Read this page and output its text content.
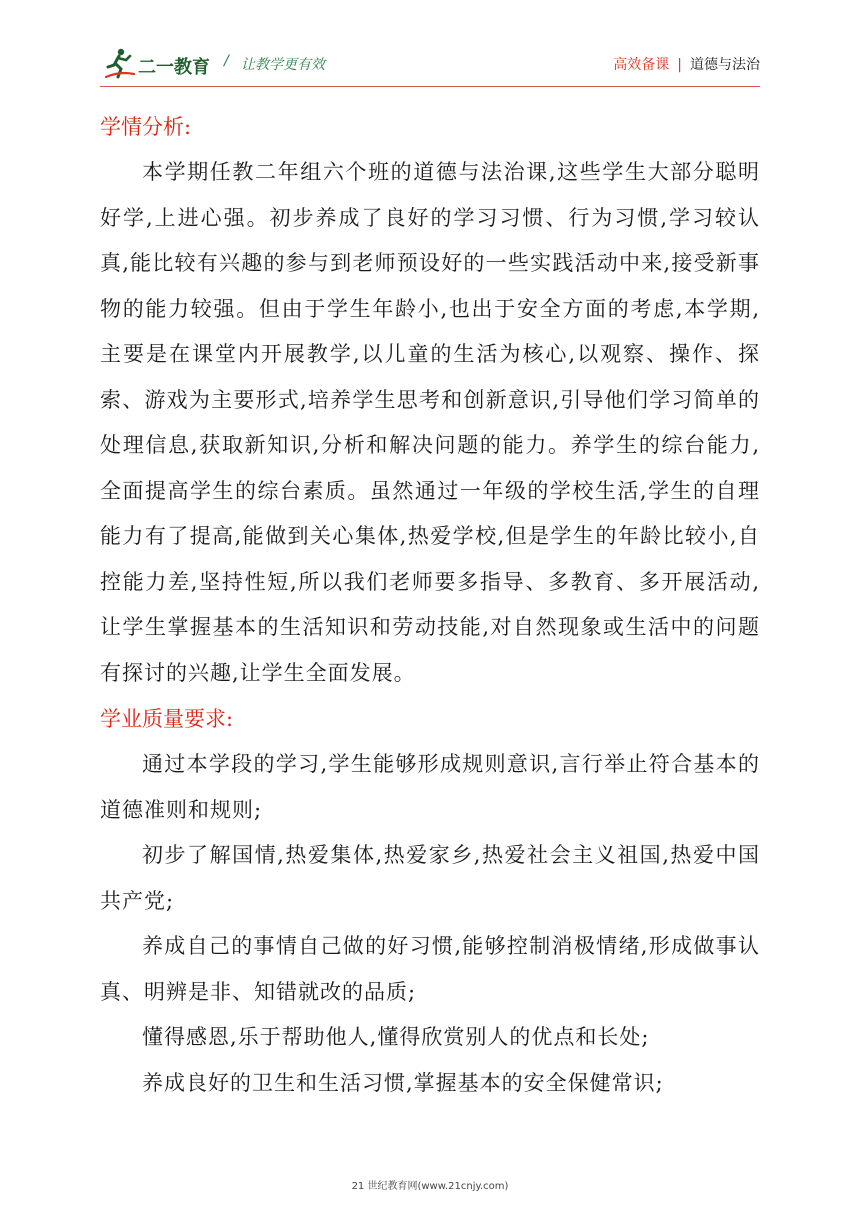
二一教育 / 让教学更有效	高效备课 | 道德与法治
学情分析:

本学期任教二年组六个班的道德与法治课,这些学生大部分聪明好学,上进心强。初步养成了良好的学习习惯、行为习惯,学习较认真,能比较有兴趣的参与到老师预设好的一些实践活动中来,接受新事物的能力较强。但由于学生年龄小,也出于安全方面的考虑,本学期,主要是在课堂内开展教学,以儿童的生活为核心,以观察、操作、探索、游戏为主要形式,培养学生思考和创新意识,引导他们学习简单的处理信息,获取新知识,分析和解决问题的能力。养学生的综台能力,全面提高学生的综台素质。虽然通过一年级的学校生活,学生的自理能力有了提高,能做到关心集体,热爱学校,但是学生的年龄比较小,自控能力差,坚持性短,所以我们老师要多指导、多教育、多开展活动,让学生掌握基本的生活知识和劳动技能,对自然现象或生活中的问题有探讨的兴趣,让学生全面发展。

学业质量要求:

通过本学段的学习,学生能够形成规则意识,言行举止符合基本的道德准则和规则;

初步了解国情,热爱集体,热爱家乡,热爱社会主义祖国,热爱中国共产党;

养成自己的事情自己做的好习惯,能够控制消极情绪,形成做事认真、明辨是非、知错就改的品质;

懂得感恩,乐于帮助他人,懂得欣赏别人的优点和长处;

养成良好的卫生和生活习惯,掌握基本的安全保健常识;

21 世纪教育网(www.21cnjy.com)
